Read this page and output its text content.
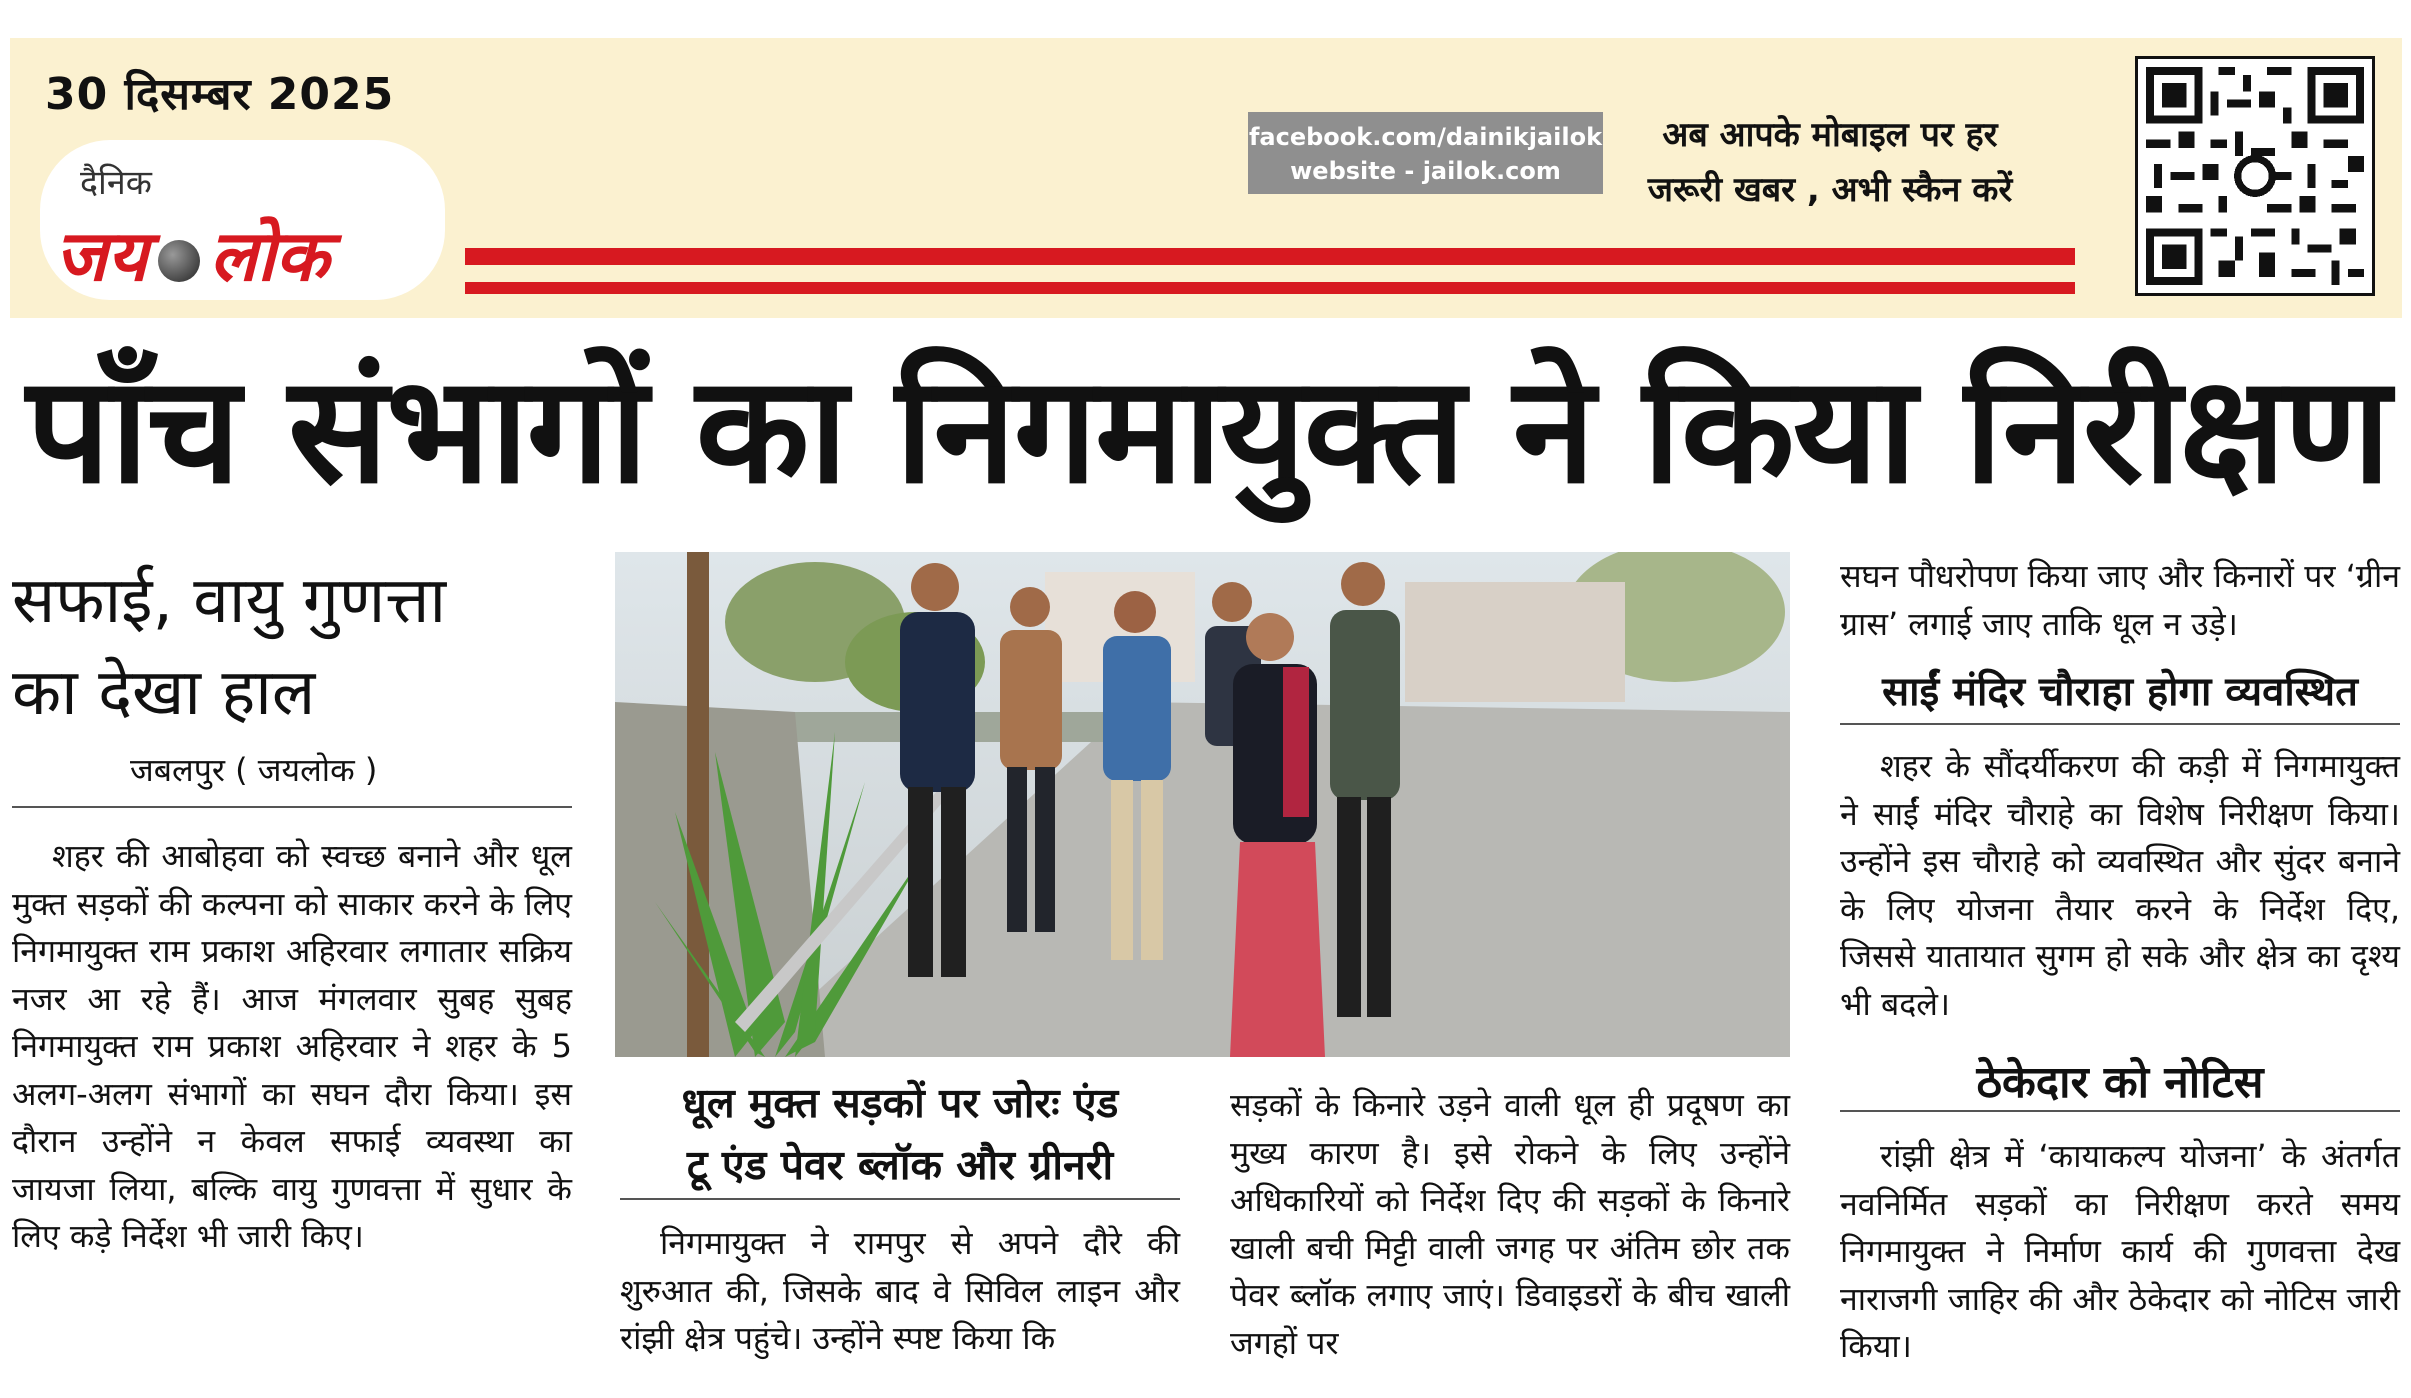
30 दिसम्बर 2025
दैनिक
जय लोक
facebook.com/dainikjailok
website - jailok.com
अब आपके मोबाइल पर हर
जरूरी खबर , अभी स्कैन करें
पाँच संभागों का निगमायुक्त ने किया निरीक्षण
सफाई, वायु गुणत्ता
का देखा हाल
जबलपुर ( जयलोक )
शहर की आबोहवा को स्वच्छ बनाने और धूल मुक्त सड़कों की कल्पना को साकार करने के लिए निगमायुक्त राम प्रकाश अहिरवार लगातार सक्रिय नजर आ रहे हैं। आज मंगलवार सुबह सुबह निगमायुक्त राम प्रकाश अहिरवार ने शहर के 5 अलग-अलग संभागों का सघन दौरा किया। इस दौरान उन्होंने न केवल सफाई व्यवस्था का जायजा लिया, बल्कि वायु गुणवत्ता में सुधार के लिए कड़े निर्देश भी जारी किए।
धूल मुक्त सड़कों पर जोरः एंड
टू एंड पेवर ब्लॉक और ग्रीनरी
निगमायुक्त ने रामपुर से अपने दौरे की शुरुआत की, जिसके बाद वे सिविल लाइन और रांझी क्षेत्र पहुंचे। उन्होंने स्पष्ट किया कि
सड़कों के किनारे उड़ने वाली धूल ही प्रदूषण का मुख्य कारण है। इसे रोकने के लिए उन्होंने अधिकारियों को निर्देश दिए की सड़कों के किनारे खाली बची मिट्टी वाली जगह पर अंतिम छोर तक पेवर ब्लॉक लगाए जाएं। डिवाइडरों के बीच खाली जगहों पर
सघन पौधरोपण किया जाए और किनारों पर ‘ग्रीन ग्रास’ लगाई जाए ताकि धूल न उड़े।
साईं मंदिर चौराहा होगा व्यवस्थित
शहर के सौंदर्यीकरण की कड़ी में निगमायुक्त ने साईं मंदिर चौराहे का विशेष निरीक्षण किया। उन्होंने इस चौराहे को व्यवस्थित और सुंदर बनाने के लिए योजना तैयार करने के निर्देश दिए, जिससे यातायात सुगम हो सके और क्षेत्र का दृश्य भी बदले।
ठेकेदार को नोटिस
रांझी क्षेत्र में ‘कायाकल्प योजना’ के अंतर्गत नवनिर्मित सड़कों का निरीक्षण करते समय निगमायुक्त ने निर्माण कार्य की गुणवत्ता देख नाराजगी जाहिर की और ठेकेदार को नोटिस जारी किया।
